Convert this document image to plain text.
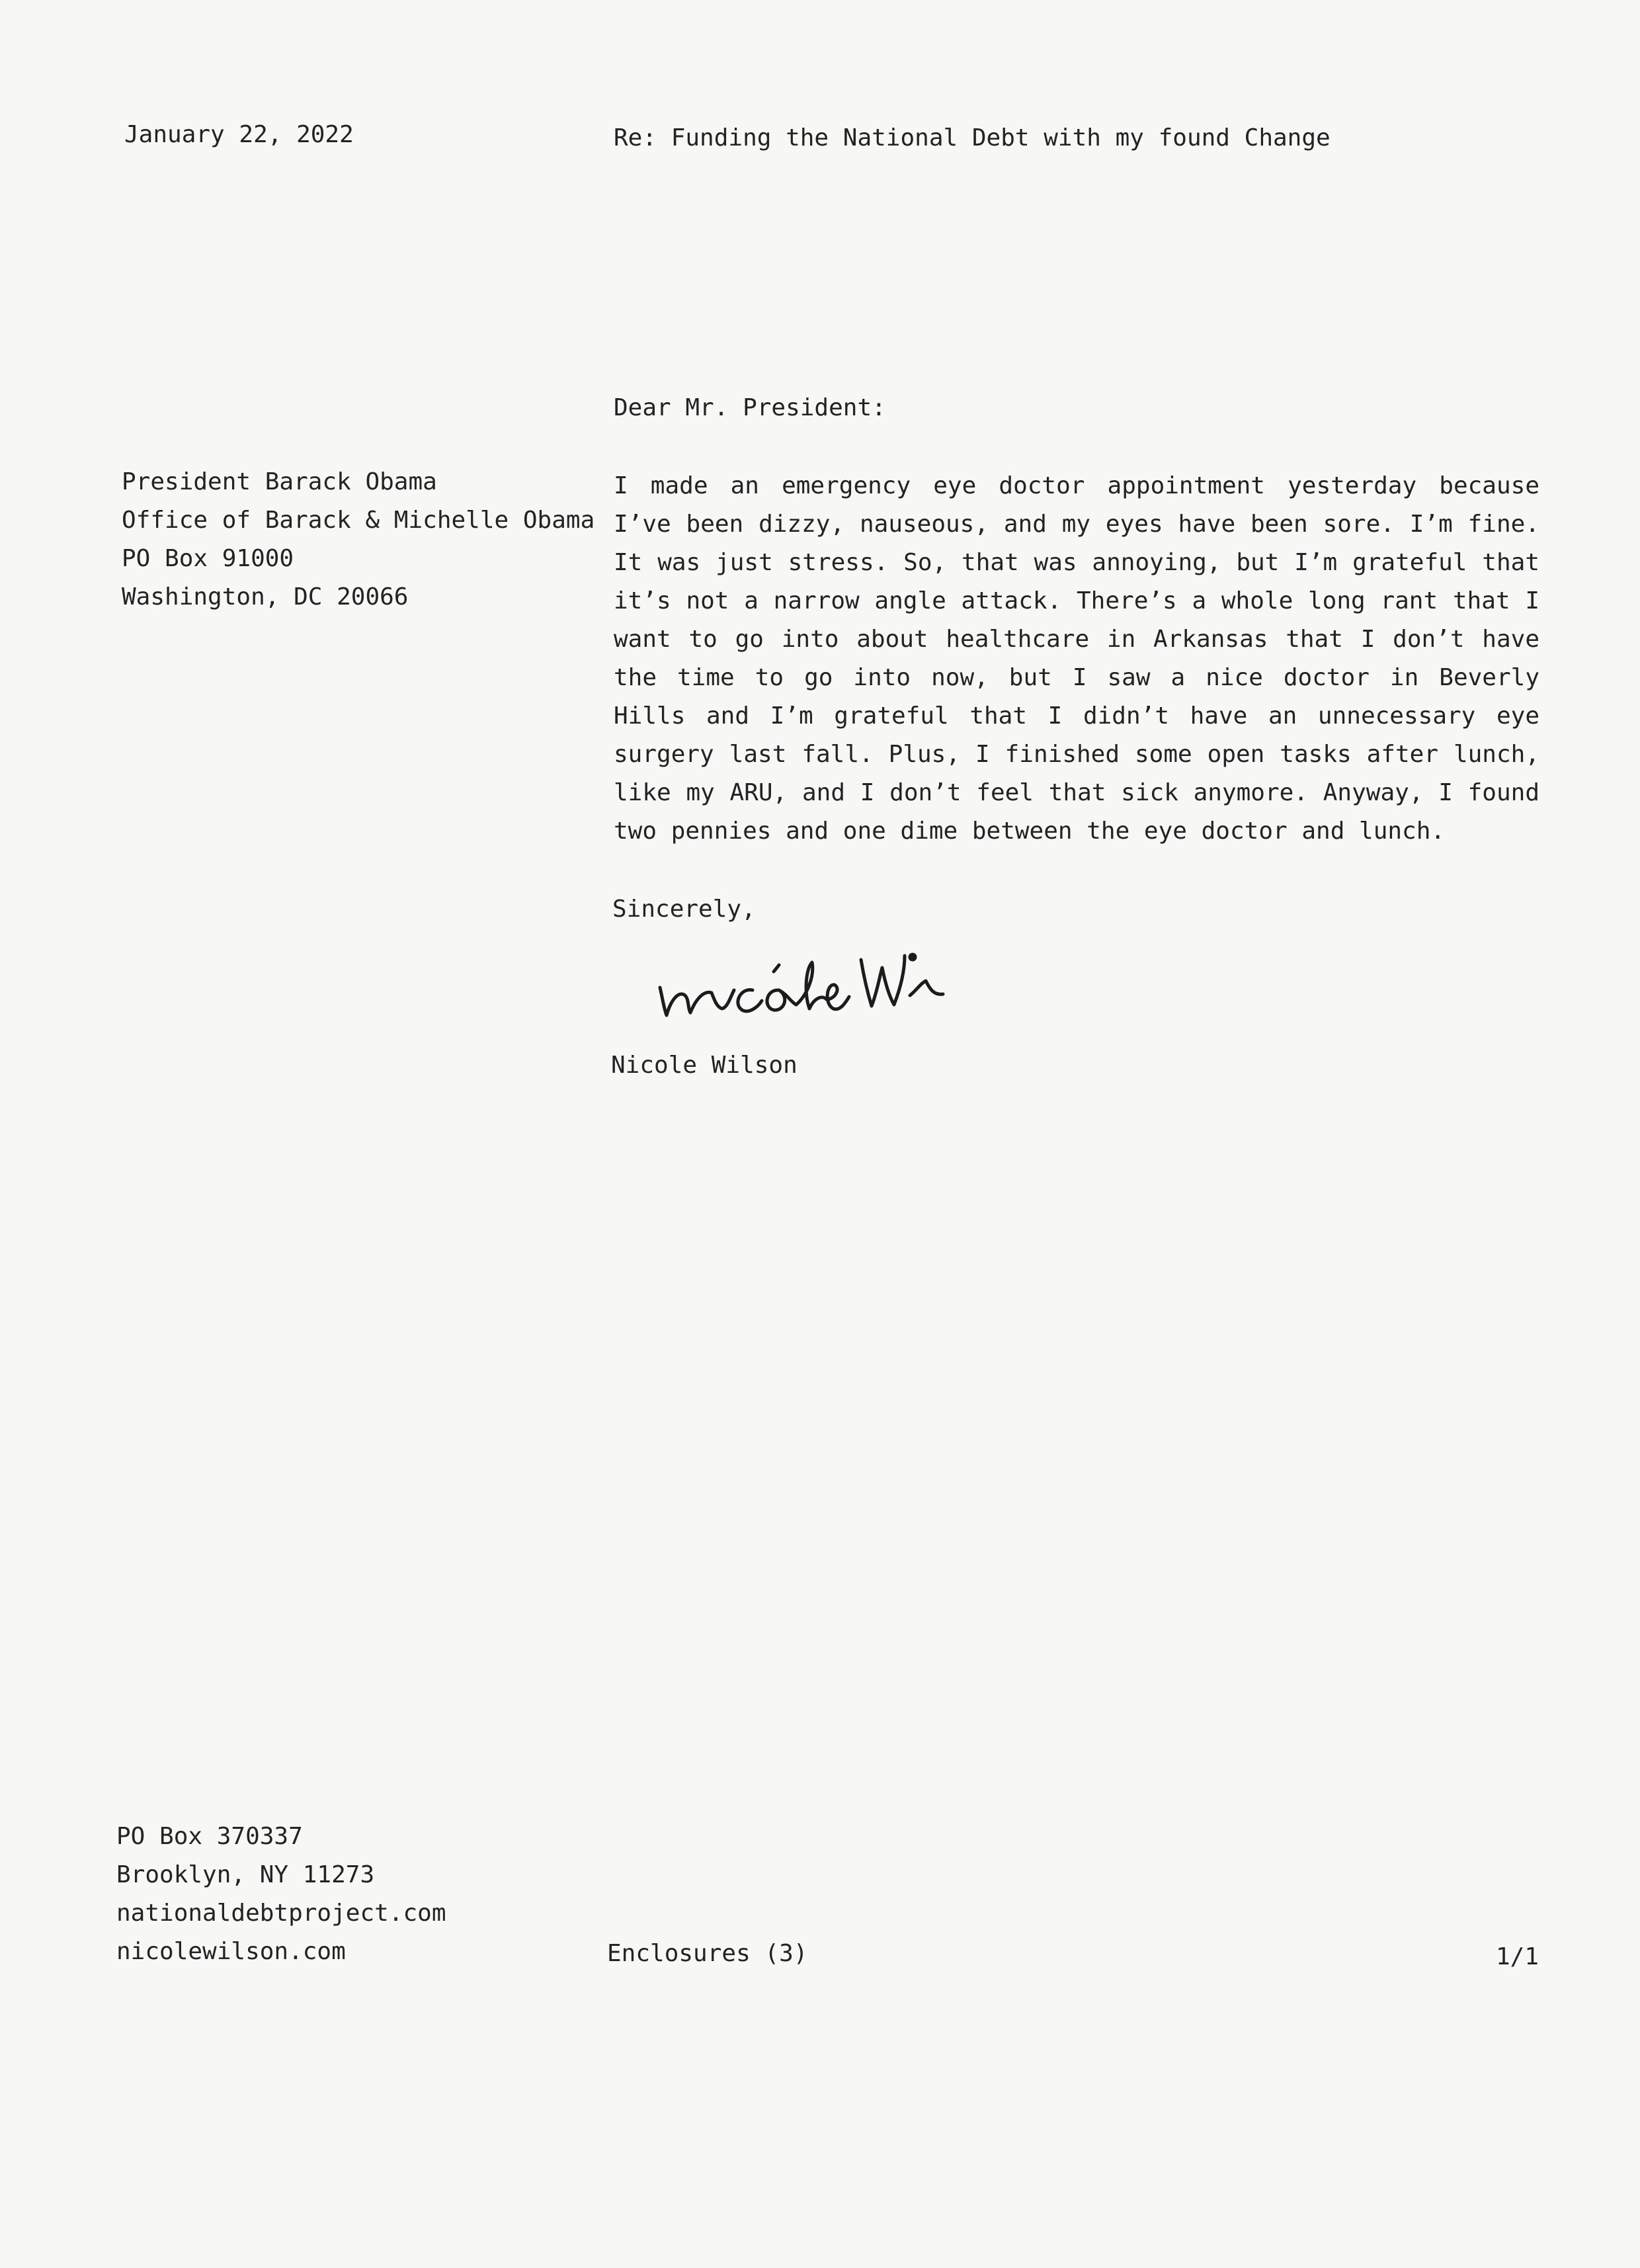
January 22, 2022	Re: Funding the National Debt with my found Change
Dear Mr. President:
President Barack Obama
Office of Barack & Michelle Obama
PO Box 91000
Washington, DC 20066

I made an emergency eye doctor appointment yesterday because I’ve been dizzy, nauseous, and my eyes have been sore. I’m fine. It was just stress. So, that was annoying, but I’m grateful that it’s not a narrow angle attack. There’s a whole long rant that I want to go into about healthcare in Arkansas that I don’t have the time to go into now, but I saw a nice doctor in Beverly Hills and I’m grateful that I didn’t have an unnecessary eye surgery last fall. Plus, I finished some open tasks after lunch, like my ARU, and I don’t feel that sick anymore. Anyway, I found two pennies and one dime between the eye doctor and lunch.

Sincerely,
Nicole Wilson
PO Box 370337
Brooklyn, NY 11273
nationaldebtproject.com
nicolewilson.com	Enclosures (3)	1/1
